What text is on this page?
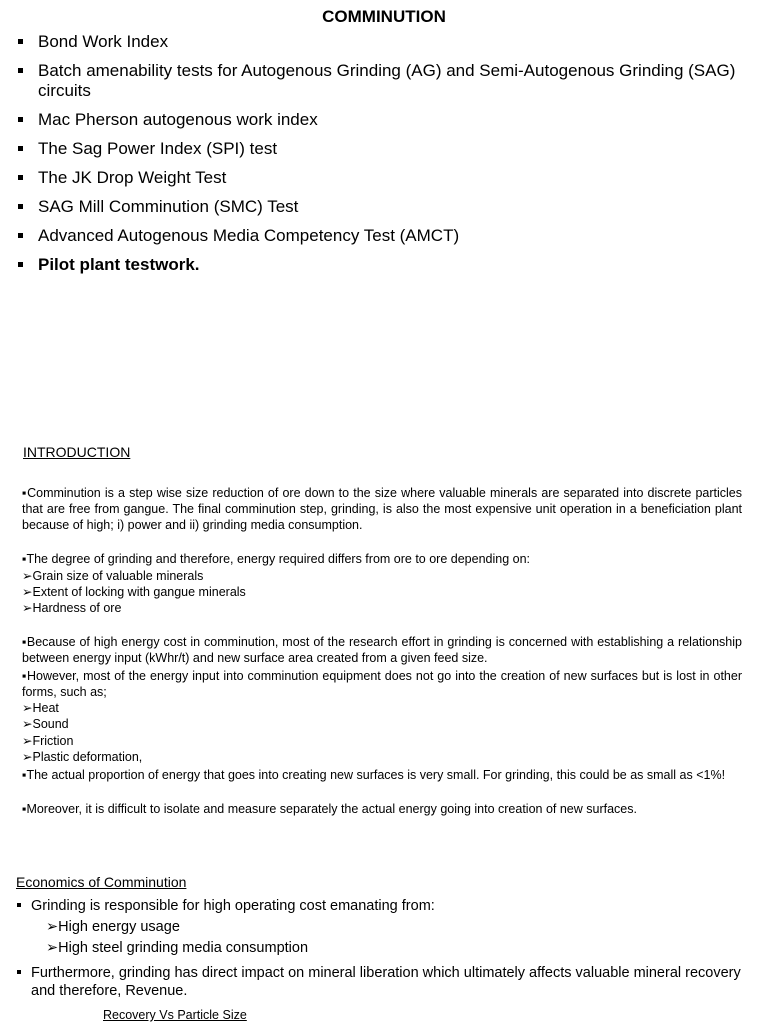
COMMINUTION
Bond Work Index
Batch amenability tests for Autogenous Grinding (AG) and Semi-Autogenous Grinding (SAG) circuits
Mac Pherson autogenous work index
The Sag Power Index (SPI) test
The JK Drop Weight Test
SAG Mill Comminution (SMC) Test
Advanced Autogenous Media Competency Test (AMCT)
Pilot plant testwork.
INTRODUCTION
▪Comminution is a step wise size reduction of ore down to the size where valuable minerals are separated into discrete particles that are free from gangue. The final comminution step, grinding, is also the most expensive unit operation in a beneficiation plant because of high; i) power and ii) grinding media consumption.
▪The degree of grinding and therefore, energy required differs from ore to ore depending on:
➢Grain size of valuable minerals
➢Extent of locking with gangue minerals
➢Hardness of ore
▪Because of high energy cost in comminution, most of the research effort in grinding is concerned with establishing a relationship between energy input (kWhr/t) and new surface area created from a given feed size.
▪However, most of the energy input into comminution equipment does not go into the creation of new surfaces but is lost in other forms, such as;
➢Heat
➢Sound
➢Friction
➢Plastic deformation,
▪The actual proportion of energy that goes into creating new surfaces is very small. For grinding, this could be as small as <1%!
▪Moreover, it is difficult to isolate and measure separately the actual energy going into creation of new surfaces.
Economics of Comminution
Grinding is responsible for high operating cost emanating from:
➢High energy usage
➢High steel grinding media consumption
Furthermore, grinding has direct impact on mineral liberation which ultimately affects valuable mineral recovery and therefore, Revenue.
Recovery Vs Particle Size
